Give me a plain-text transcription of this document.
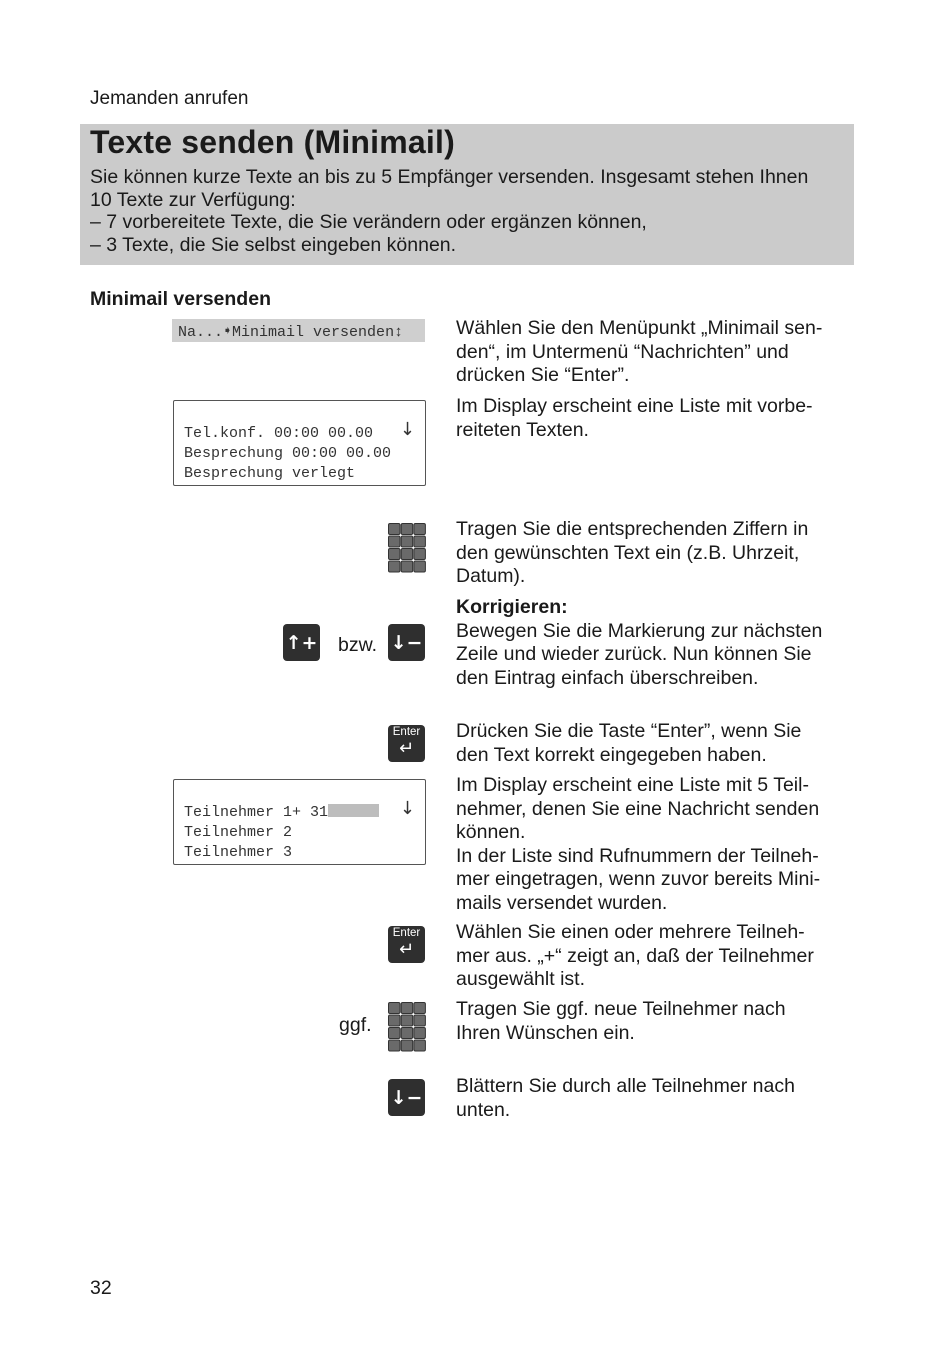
Jemanden anrufen
Texte senden (Minimail)
Sie können kurze Texte an bis zu 5 Empfänger versenden. Insgesamt stehen Ihnen
10 Texte zur Verfügung:
– 7 vorbereitete Texte, die Sie verändern oder ergänzen können,
– 3 Texte, die Sie selbst eingeben können.
Minimail versenden
Na...➧Minimail versenden↕
Tel.konf. 00:00 00.00
Besprechung 00:00 00.00
Besprechung verlegt
↓
↑+ bzw. ↓−
Enter
↵
Teilnehmer 1+ 31
Teilnehmer 2
Teilnehmer 3
↓
Enter
↵
ggf.
↓−
Wählen Sie den Menüpunkt „Minimail sen-
den“, im Untermenü “Nachrichten” und
drücken Sie “Enter”.
Im Display erscheint eine Liste mit vorbe-
reiteten Texten.
Tragen Sie die entsprechenden Ziffern in
den gewünschten Text ein (z.B. Uhrzeit,
Datum).
Korrigieren:
Bewegen Sie die Markierung zur nächsten
Zeile und wieder zurück. Nun können Sie
den Eintrag einfach überschreiben.
Drücken Sie die Taste “Enter”, wenn Sie
den Text korrekt eingegeben haben.
Im Display erscheint eine Liste mit 5 Teil-
nehmer, denen Sie eine Nachricht senden
können.
In der Liste sind Rufnummern der Teilneh-
mer eingetragen, wenn zuvor bereits Mini-
mails versendet wurden.
Wählen Sie einen oder mehrere Teilneh-
mer aus. „+“ zeigt an, daß der Teilnehmer
ausgewählt ist.
Tragen Sie ggf. neue Teilnehmer nach
Ihren Wünschen ein.
Blättern Sie durch alle Teilnehmer nach
unten.
32
